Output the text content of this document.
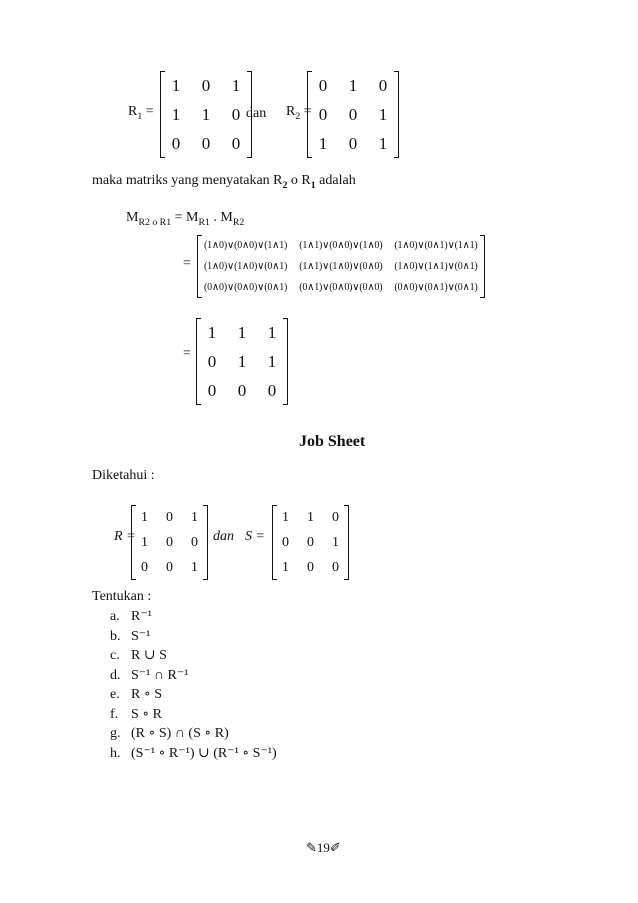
$R_1$ =
1	0	1
1	1	0
0	0	0
dan $R_2$ =
0	1	0
0	0	1
1	0	1
maka matriks yang menyatakan $R_2$ o $R_1$ adalah
$M_{R2 o R1} = M_{R1}$ . $M_{R2}$
=
(1∧0)∨(0∧0)∨(1∧1)	(1∧1)∨(0∧0)∨(1∧0)	(1∧0)∨(0∧1)∨(1∧1)
(1∧0)∨(1∧0)∨(0∧1)	(1∧1)∨(1∧0)∨(0∧0)	(1∧0)∨(1∧1)∨(0∧1)
(0∧0)∨(0∧0)∨(0∧1)	(0∧1)∨(0∧0)∨(0∧0)	(0∧0)∨(0∧1)∨(0∧1)
=
1	1	1
0	1	1
0	0	0
Job Sheet
Diketahui :
R =
1	0	1
1	0	0
0	0	1
dan S =
1	1	0
0	0	1
1	0	0
Tentukan :
a. R⁻¹
b. S⁻¹
c. R ∪ S
d. S⁻¹ ∩ R⁻¹
e. R ∘ S
f. S ∘ R
g. (R ∘ S) ∩ (S ∘ R)
h. (S⁻¹ ∘ R⁻¹) ∪ (R⁻¹ ∘ S⁻¹)
✎19✐
